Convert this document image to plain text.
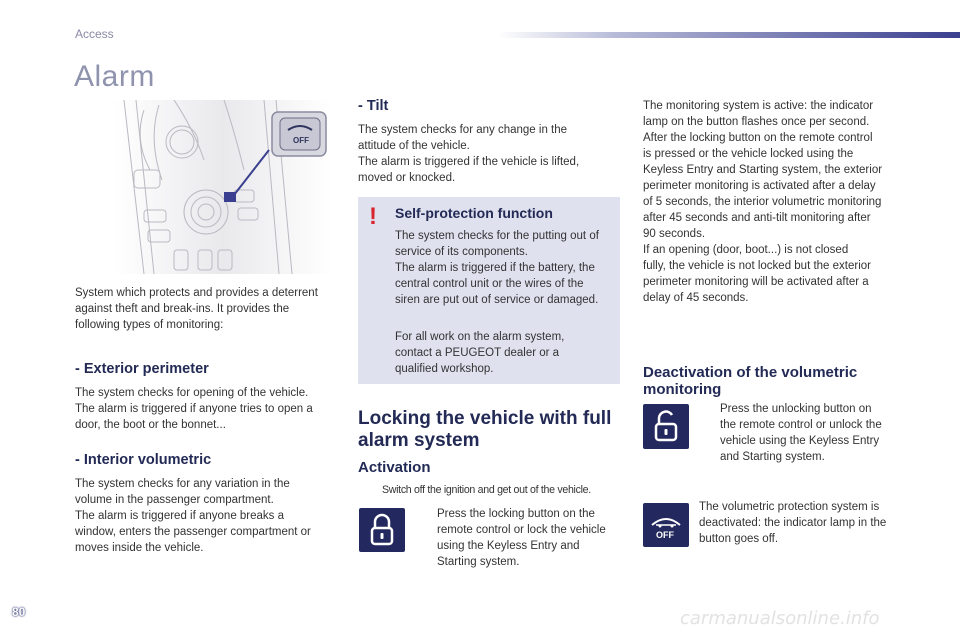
Access
Alarm
OFF
System which protects and provides a deterrent
against theft and break-ins. It provides the
following types of monitoring:
- Exterior perimeter
The system checks for opening of the vehicle.
The alarm is triggered if anyone tries to open a
door, the boot or the bonnet...
- Interior volumetric
The system checks for any variation in the
volume in the passenger compartment.
The alarm is triggered if anyone breaks a
window, enters the passenger compartment or
moves inside the vehicle.
- Tilt
The system checks for any change in the
attitude of the vehicle.
The alarm is triggered if the vehicle is lifted,
moved or knocked.
!	Self-protection function
The system checks for the putting out of
service of its components.
The alarm is triggered if the battery, the
central control unit or the wires of the
siren are put out of service or damaged.
For all work on the alarm system,
contact a PEUGEOT dealer or a
qualified workshop.
Locking the vehicle with full
alarm system
Activation
Switch off the ignition and get out of the vehicle.
Press the locking button on the
remote control or lock the vehicle
using the Keyless Entry and
Starting system.
The monitoring system is active: the indicator
lamp on the button flashes once per second.
After the locking button on the remote control
is pressed or the vehicle locked using the
Keyless Entry and Starting system, the exterior
perimeter monitoring is activated after a delay
of 5 seconds, the interior volumetric monitoring
after 45 seconds and anti-tilt monitoring after
90 seconds.
If an opening (door, boot...) is not closed
fully, the vehicle is not locked but the exterior
perimeter monitoring will be activated after a
delay of 45 seconds.
Deactivation of the volumetric
monitoring
Press the unlocking button on
the remote control or unlock the
vehicle using the Keyless Entry
and Starting system.
OFF
The volumetric protection system is
deactivated: the indicator lamp in the
button goes off.
80	carmanualsonline.info
